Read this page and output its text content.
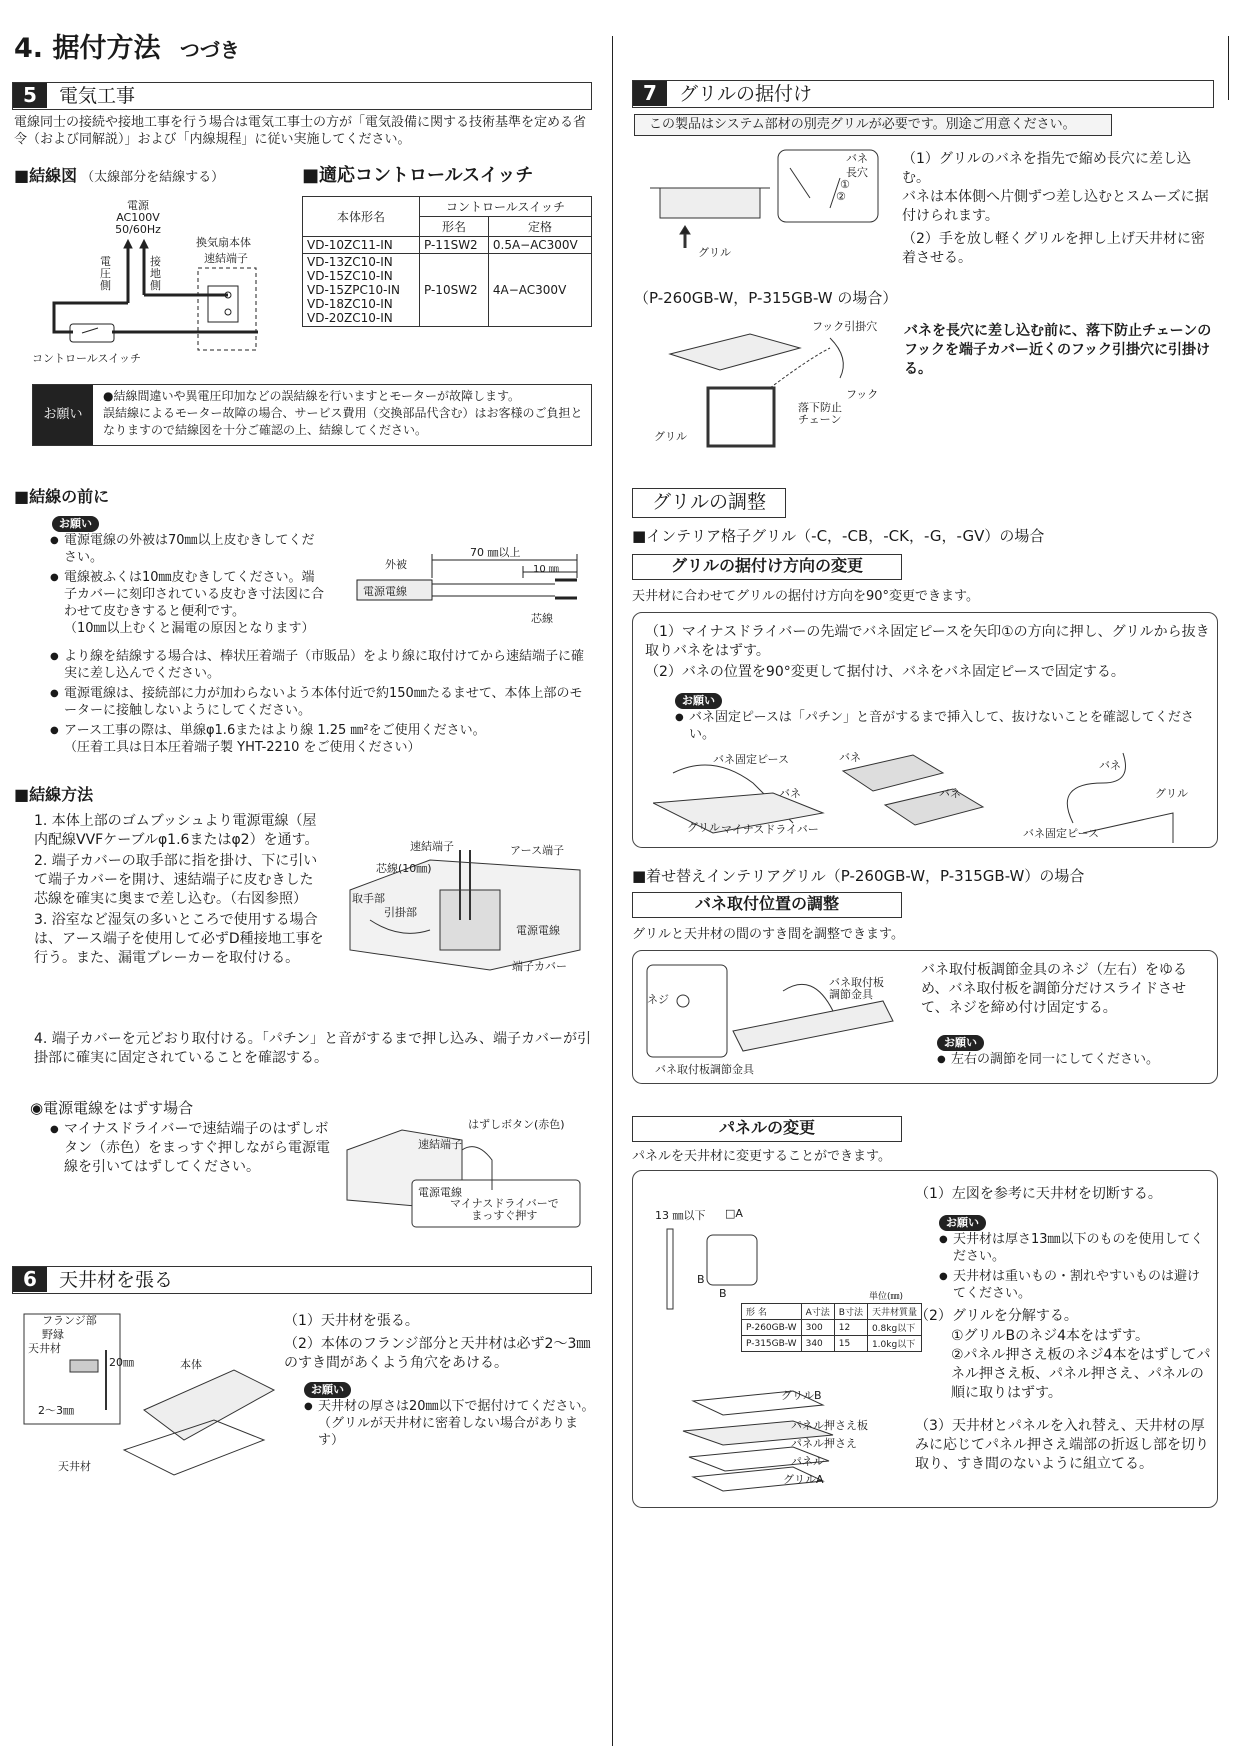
4. 据付方法 つづき
5	電気工事
電線同士の接続や接地工事を行う場合は電気工事士の方が「電気設備に関する技術基準を定める省令（および同解説）」および「内線規程」に従い実施してください。
■結線図 （太線部分を結線する）	■適応コントロールスイッチ
電源
AC100V
50/60Hz
電圧側
接地側
換気扇本体
速結端子
コントロールスイッチ
本体形名	コントロールスイッチ	
	形名	定格
VD-10ZC11-IN	P-11SW2	0.5A−AC300V
VD-13ZC10-IN
VD-15ZC10-IN
VD-15ZPC10-IN
VD-18ZC10-IN
VD-20ZC10-IN	P-10SW2	4A−AC300V
お願い
●結線間違いや異電圧印加などの誤結線を行いますとモーターが故障します。
誤結線によるモーター故障の場合、サービス費用（交換部品代含む）はお客様のご負担となりますので結線図を十分ご確認の上、結線してください。
■結線の前に
お願い
● 電源電線の外被は70㎜以上皮むきしてください。
● 電線被ふくは10㎜皮むきしてください。端子カバーに刻印されている皮むき寸法図に合わせて皮むきすると便利です。
（10㎜以上むくと漏電の原因となります）
● より線を結線する場合は、棒状圧着端子（市販品）をより線に取付けてから速結端子に確実に差し込んでください。
● 電源電線は、接続部に力が加わらないよう本体付近で約150㎜たるませて、本体上部のモーターに接触しないようにしてください。
● アース工事の際は、単線φ1.6またはより線 1.25 ㎜²をご使用ください。
（圧着工具は日本圧着端子製 YHT-2210 をご使用ください）
外被
70 ㎜以上
10 ㎜
電源電線
芯線
■結線方法
1. 本体上部のゴムブッシュより電源電線（屋内配線VVFケーブルφ1.6またはφ2）を通す。
2. 端子カバーの取手部に指を掛け、下に引いて端子カバーを開け、速結端子に皮むきした芯線を確実に奥まで差し込む。（右図参照）
3. 浴室など湿気の多いところで使用する場合は、アース端子を使用して必ずD種接地工事を行う。また、漏電ブレーカーを取付ける。
4. 端子カバーを元どおり取付ける。「パチン」と音がするまで押し込み、端子カバーが引掛部に確実に固定されていることを確認する。
速結端子	アース端子
芯線(10㎜)
取手部
引掛部
電源電線
端子カバー
◉電源電線をはずす場合
● マイナスドライバーで速結端子のはずしボタン（赤色）をまっすぐ押しながら電源電線を引いてはずしてください。
はずしボタン(赤色)
速結端子
電源電線
マイナスドライバーで
まっすぐ押す
6	天井材を張る
（1）天井材を張る。
（2）本体のフランジ部分と天井材は必ず2〜3㎜のすき間があくよう角穴をあける。
お願い
● 天井材の厚さは20㎜以下で据付けてください。
（グリルが天井材に密着しない場合があります）
フランジ部
野縁
天井材
2〜3㎜
20㎜	本体
天井材
7	グリルの据付け
この製品はシステム部材の別売グリルが必要です。別途ご用意ください。
バネ
長穴
①
②
グリル
（1）グリルのバネを指先で縮め長穴に差し込む。
バネは本体側へ片側ずつ差し込むとスムーズに据付けられます。
（2）手を放し軽くグリルを押し上げ天井材に密着させる。
（P-260GB-W，P-315GB-W の場合）
フック引掛穴
フック
落下防止
チェーン
グリル
バネを長穴に差し込む前に、落下防止チェーンのフックを端子カバー近くのフック引掛穴に引掛ける。
グリルの調整
■インテリア格子グリル（-C，-CB，-CK，-G，-GV）の場合
グリルの据付け方向の変更
天井材に合わせてグリルの据付け方向を90°変更できます。
（1）マイナスドライバーの先端でバネ固定ピースを矢印①の方向に押し、グリルから抜き取りバネをはずす。
（2）バネの位置を90°変更して据付け、バネをバネ固定ピースで固定する。
お願い
● バネ固定ピースは「パチン」と音がするまで挿入して、抜けないことを確認してください。
バネ固定ピース	バネ
バネ	バネ
バネ
グリル
マイナスドライバー
グリル	バネ固定ピース
■着せ替えインテリアグリル（P-260GB-W，P-315GB-W）の場合
バネ取付位置の調整
グリルと天井材の間のすき間を調整できます。
ネジ
バネ取付板
調節金具
バネ取付板調節金具
バネ取付板調節金具のネジ（左右）をゆるめ、バネ取付板を調節分だけスライドさせて、ネジを締め付け固定する。
お願い
● 左右の調節を同一にしてください。
パネルの変更
パネルを天井材に変更することができます。
13 ㎜以下 □A
B
B	単位(㎜)
形 名	A寸法	B寸法	天井材質量
P-260GB-W	300	12	0.8kg以下
P-315GB-W	340	15	1.0kg以下
グリルB
パネル押さえ板
パネル押さえ
パネル
グリルA
（1）左図を参考に天井材を切断する。
お願い
● 天井材は厚さ13㎜以下のものを使用してください。
● 天井材は重いもの・割れやすいものは避けてください。
（2）グリルを分解する。
①グリルBのネジ4本をはずす。
②パネル押さえ板のネジ4本をはずしてパネル押さえ板、パネル押さえ、パネルの順に取りはずす。
（3）天井材とパネルを入れ替え、天井材の厚みに応じてパネル押さえ端部の折返し部を切り取り、すき間のないように組立てる。
